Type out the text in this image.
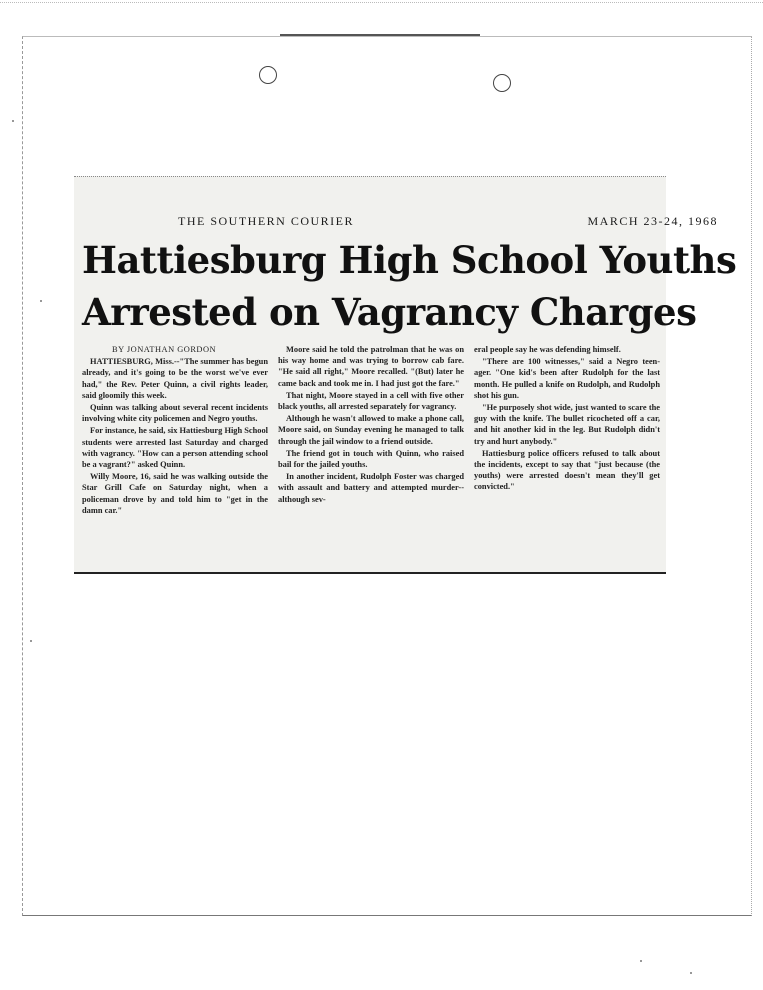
THE SOUTHERN COURIER	MARCH 23-24, 1968
Hattiesburg High School Youths
Arrested on Vagrancy Charges

BY JONATHAN GORDON

HATTIESBURG, Miss.--"The summer has begun already, and it's going to be the worst we've ever had," the Rev. Peter Quinn, a civil rights leader, said gloomily this week.

Quinn was talking about several recent incidents involving white city policemen and Negro youths.

For instance, he said, six Hattiesburg High School students were arrested last Saturday and charged with vagrancy. "How can a person attending school be a vagrant?" asked Quinn.

Willy Moore, 16, said he was walking outside the Star Grill Cafe on Saturday night, when a policeman drove by and told him to "get in the damn car."

Moore said he told the patrolman that he was on his way home and was trying to borrow cab fare. "He said all right," Moore recalled. "(But) later he came back and took me in. I had just got the fare."

That night, Moore stayed in a cell with five other black youths, all arrested separately for vagrancy.

Although he wasn't allowed to make a phone call, Moore said, on Sunday evening he managed to talk through the jail window to a friend outside.

The friend got in touch with Quinn, who raised bail for the jailed youths.

In another incident, Rudolph Foster was charged with assault and battery and attempted murder--although sev-

eral people say he was defending himself.

"There are 100 witnesses," said a Negro teen-ager. "One kid's been after Rudolph for the last month. He pulled a knife on Rudolph, and Rudolph shot his gun.

"He purposely shot wide, just wanted to scare the guy with the knife. The bullet ricocheted off a car, and hit another kid in the leg. But Rudolph didn't try and hurt anybody."

Hattiesburg police officers refused to talk about the incidents, except to say that "just because (the youths) were arrested doesn't mean they'll get convicted."
